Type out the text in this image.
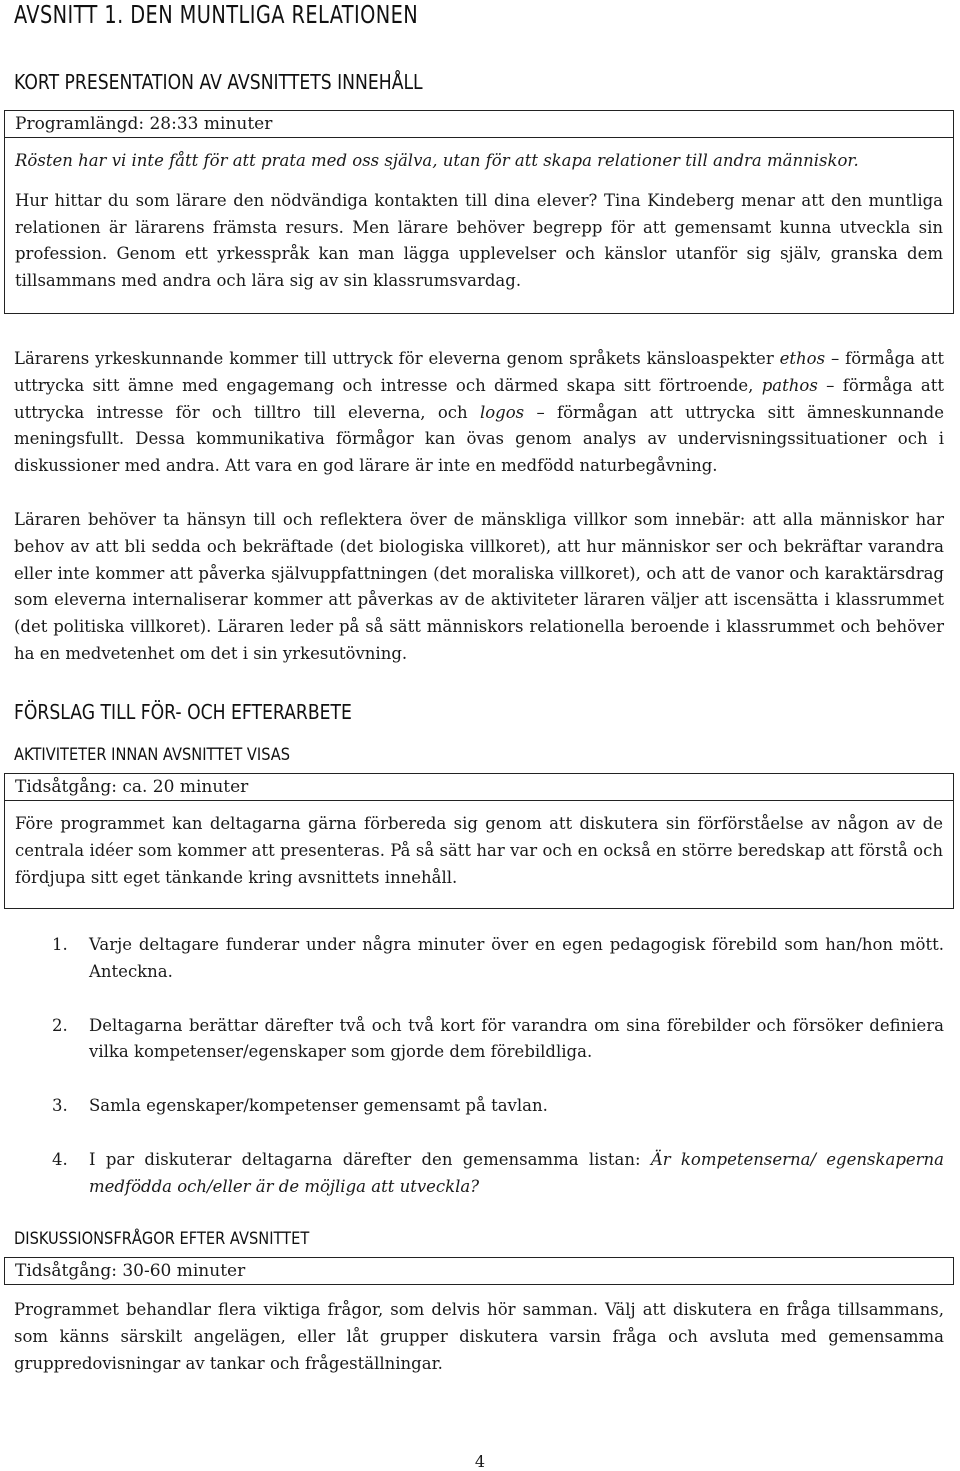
AVSNITT 1. DEN MUNTLIGA RELATIONEN
KORT PRESENTATION AV AVSNITTETS INNEHÅLL
Programlängd: 28:33 minuter

Rösten har vi inte fått för att prata med oss själva, utan för att skapa relationer till andra människor.

Hur hittar du som lärare den nödvändiga kontakten till dina elever? Tina Kindeberg menar att den muntliga relationen är lärarens främsta resurs. Men lärare behöver begrepp för att gemensamt kunna utveckla sin profession. Genom ett yrkesspråk kan man lägga upplevelser och känslor utanför sig själv, granska dem tillsammans med andra och lära sig av sin klassrumsvardag.

Lärarens yrkeskunnande kommer till uttryck för eleverna genom språkets känsloaspekter ethos – förmåga att uttrycka sitt ämne med engagemang och intresse och därmed skapa sitt förtroende, pathos – förmåga att uttrycka intresse för och tilltro till eleverna, och logos – förmågan att uttrycka sitt ämneskunnande meningsfullt. Dessa kommunikativa förmågor kan övas genom analys av undervisningssituationer och i diskussioner med andra. Att vara en god lärare är inte en medfödd naturbegåvning.

Läraren behöver ta hänsyn till och reflektera över de mänskliga villkor som innebär: att alla människor har behov av att bli sedda och bekräftade (det biologiska villkoret), att hur människor ser och bekräftar varandra eller inte kommer att påverka självuppfattningen (det moraliska villkoret), och att de vanor och karaktärsdrag som eleverna internaliserar kommer att påverkas av de aktiviteter läraren väljer att iscensätta i klassrummet (det politiska villkoret). Läraren leder på så sätt människors relationella beroende i klassrummet och behöver ha en medvetenhet om det i sin yrkesutövning.

FÖRSLAG TILL FÖR- OCH EFTERARBETE
AKTIVITETER INNAN AVSNITTET VISAS
Tidsåtgång: ca. 20 minuter

Före programmet kan deltagarna gärna förbereda sig genom att diskutera sin förförståelse av någon av de centrala idéer som kommer att presenteras. På så sätt har var och en också en större beredskap att förstå och fördjupa sitt eget tänkande kring avsnittets innehåll.

1. Varje deltagare funderar under några minuter över en egen pedagogisk förebild som han/hon mött. Anteckna.

2. Deltagarna berättar därefter två och två kort för varandra om sina förebilder och försöker definiera vilka kompetenser/egenskaper som gjorde dem förebildliga.

3. Samla egenskaper/kompetenser gemensamt på tavlan.

4. I par diskuterar deltagarna därefter den gemensamma listan: Är kompetenserna/ egenskaperna medfödda och/eller är de möjliga att utveckla?

DISKUSSIONSFRÅGOR EFTER AVSNITTET
Tidsåtgång: 30-60 minuter

Programmet behandlar flera viktiga frågor, som delvis hör samman. Välj att diskutera en fråga tillsammans, som känns särskilt angelägen, eller låt grupper diskutera varsin fråga och avsluta med gemensamma gruppredovisningar av tankar och frågeställningar.

4
